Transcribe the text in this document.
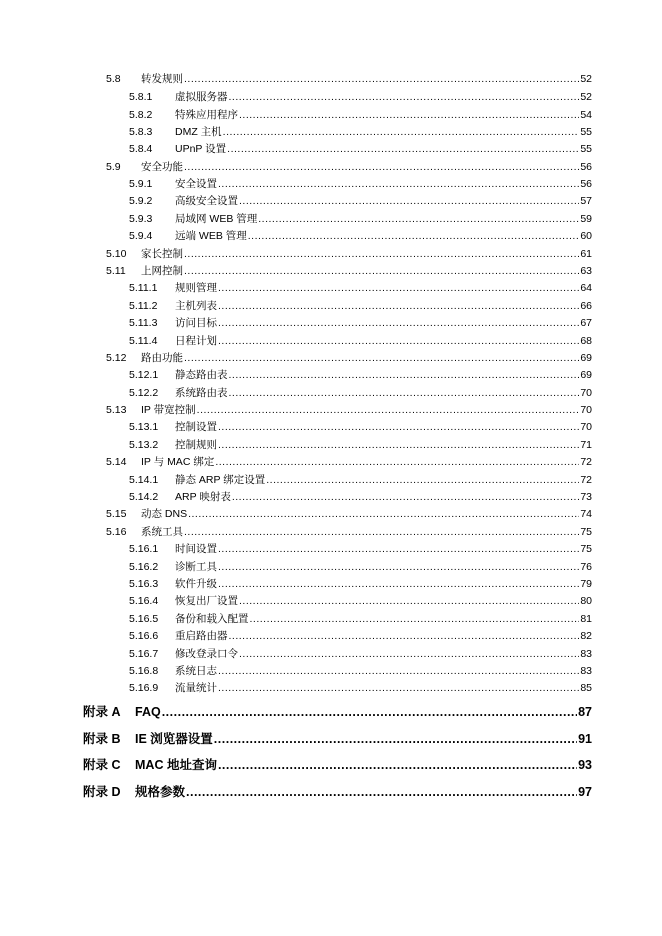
5.8	转发规则 .....	52
5.8.1	虚拟服务器 .....	52
5.8.2	特殊应用程序 .....	54
5.8.3	DMZ 主机 .....	55
5.8.4	UPnP 设置 .....	55
5.9	安全功能 .....	56
5.9.1	安全设置 .....	56
5.9.2	高级安全设置 .....	57
5.9.3	局域网 WEB 管理 .....	59
5.9.4	远端 WEB 管理 .....	60
5.10	家长控制 .....	61
5.11	上网控制 .....	63
5.11.1	规则管理 .....	64
5.11.2	主机列表 .....	66
5.11.3	访问目标 .....	67
5.11.4	日程计划 .....	68
5.12	路由功能 .....	69
5.12.1	静态路由表 .....	69
5.12.2	系统路由表 .....	70
5.13	IP 带宽控制 .....	70
5.13.1	控制设置 .....	70
5.13.2	控制规则 .....	71
5.14	IP 与 MAC 绑定 .....	72
5.14.1	静态 ARP 绑定设置 .....	72
5.14.2	ARP 映射表 .....	73
5.15	动态 DNS .....	74
5.16	系统工具 .....	75
5.16.1	时间设置 .....	75
5.16.2	诊断工具 .....	76
5.16.3	软件升级 .....	79
5.16.4	恢复出厂设置 .....	80
5.16.5	备份和载入配置 .....	81
5.16.6	重启路由器 .....	82
5.16.7	修改登录口令 .....	83
5.16.8	系统日志 .....	83
5.16.9	流量统计 .....	85
附录 A	FAQ .....	87
附录 B	IE 浏览器设置 .....	91
附录 C	MAC 地址查询 .....	93
附录 D	规格参数 .....	97
